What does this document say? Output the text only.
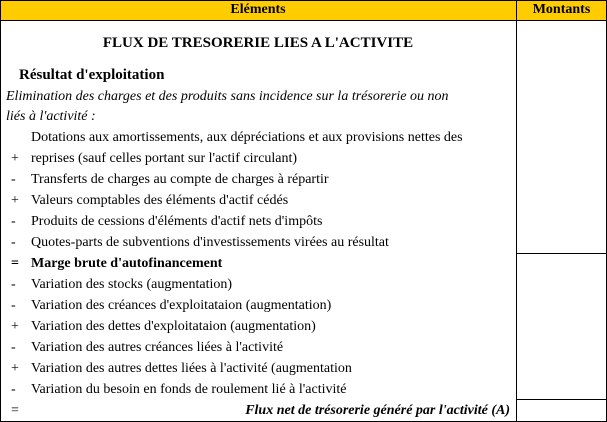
Eléments	Montants
FLUX DE TRESORERIE LIES A L'ACTIVITE
Résultat d'exploitation
Elimination des charges et des produits sans incidence sur la trésorerie ou non
liés à l'activité :
Dotations aux amortissements, aux dépréciations et aux provisions nettes des
+ reprises (sauf celles portant sur l'actif circulant)
-	Transferts de charges au compte de charges à répartir
+ Valeurs comptables des éléments d'actif cédés
-	Produits de cessions d'éléments d'actif nets d'impôts
-	Quotes-parts de subventions d'investissements virées au résultat
= Marge brute d'autofinancement
-	Variation des stocks (augmentation)
-	Variation des créances d'exploitataion (augmentation)
+ Variation des dettes d'exploitataion (augmentation)
-	Variation des autres créances liées à l'activité
+ Variation des autres dettes liées à l'activité (augmentation
-	Variation du besoin en fonds de roulement lié à l'activité
=	Flux net de trésorerie généré par l'activité (A)
